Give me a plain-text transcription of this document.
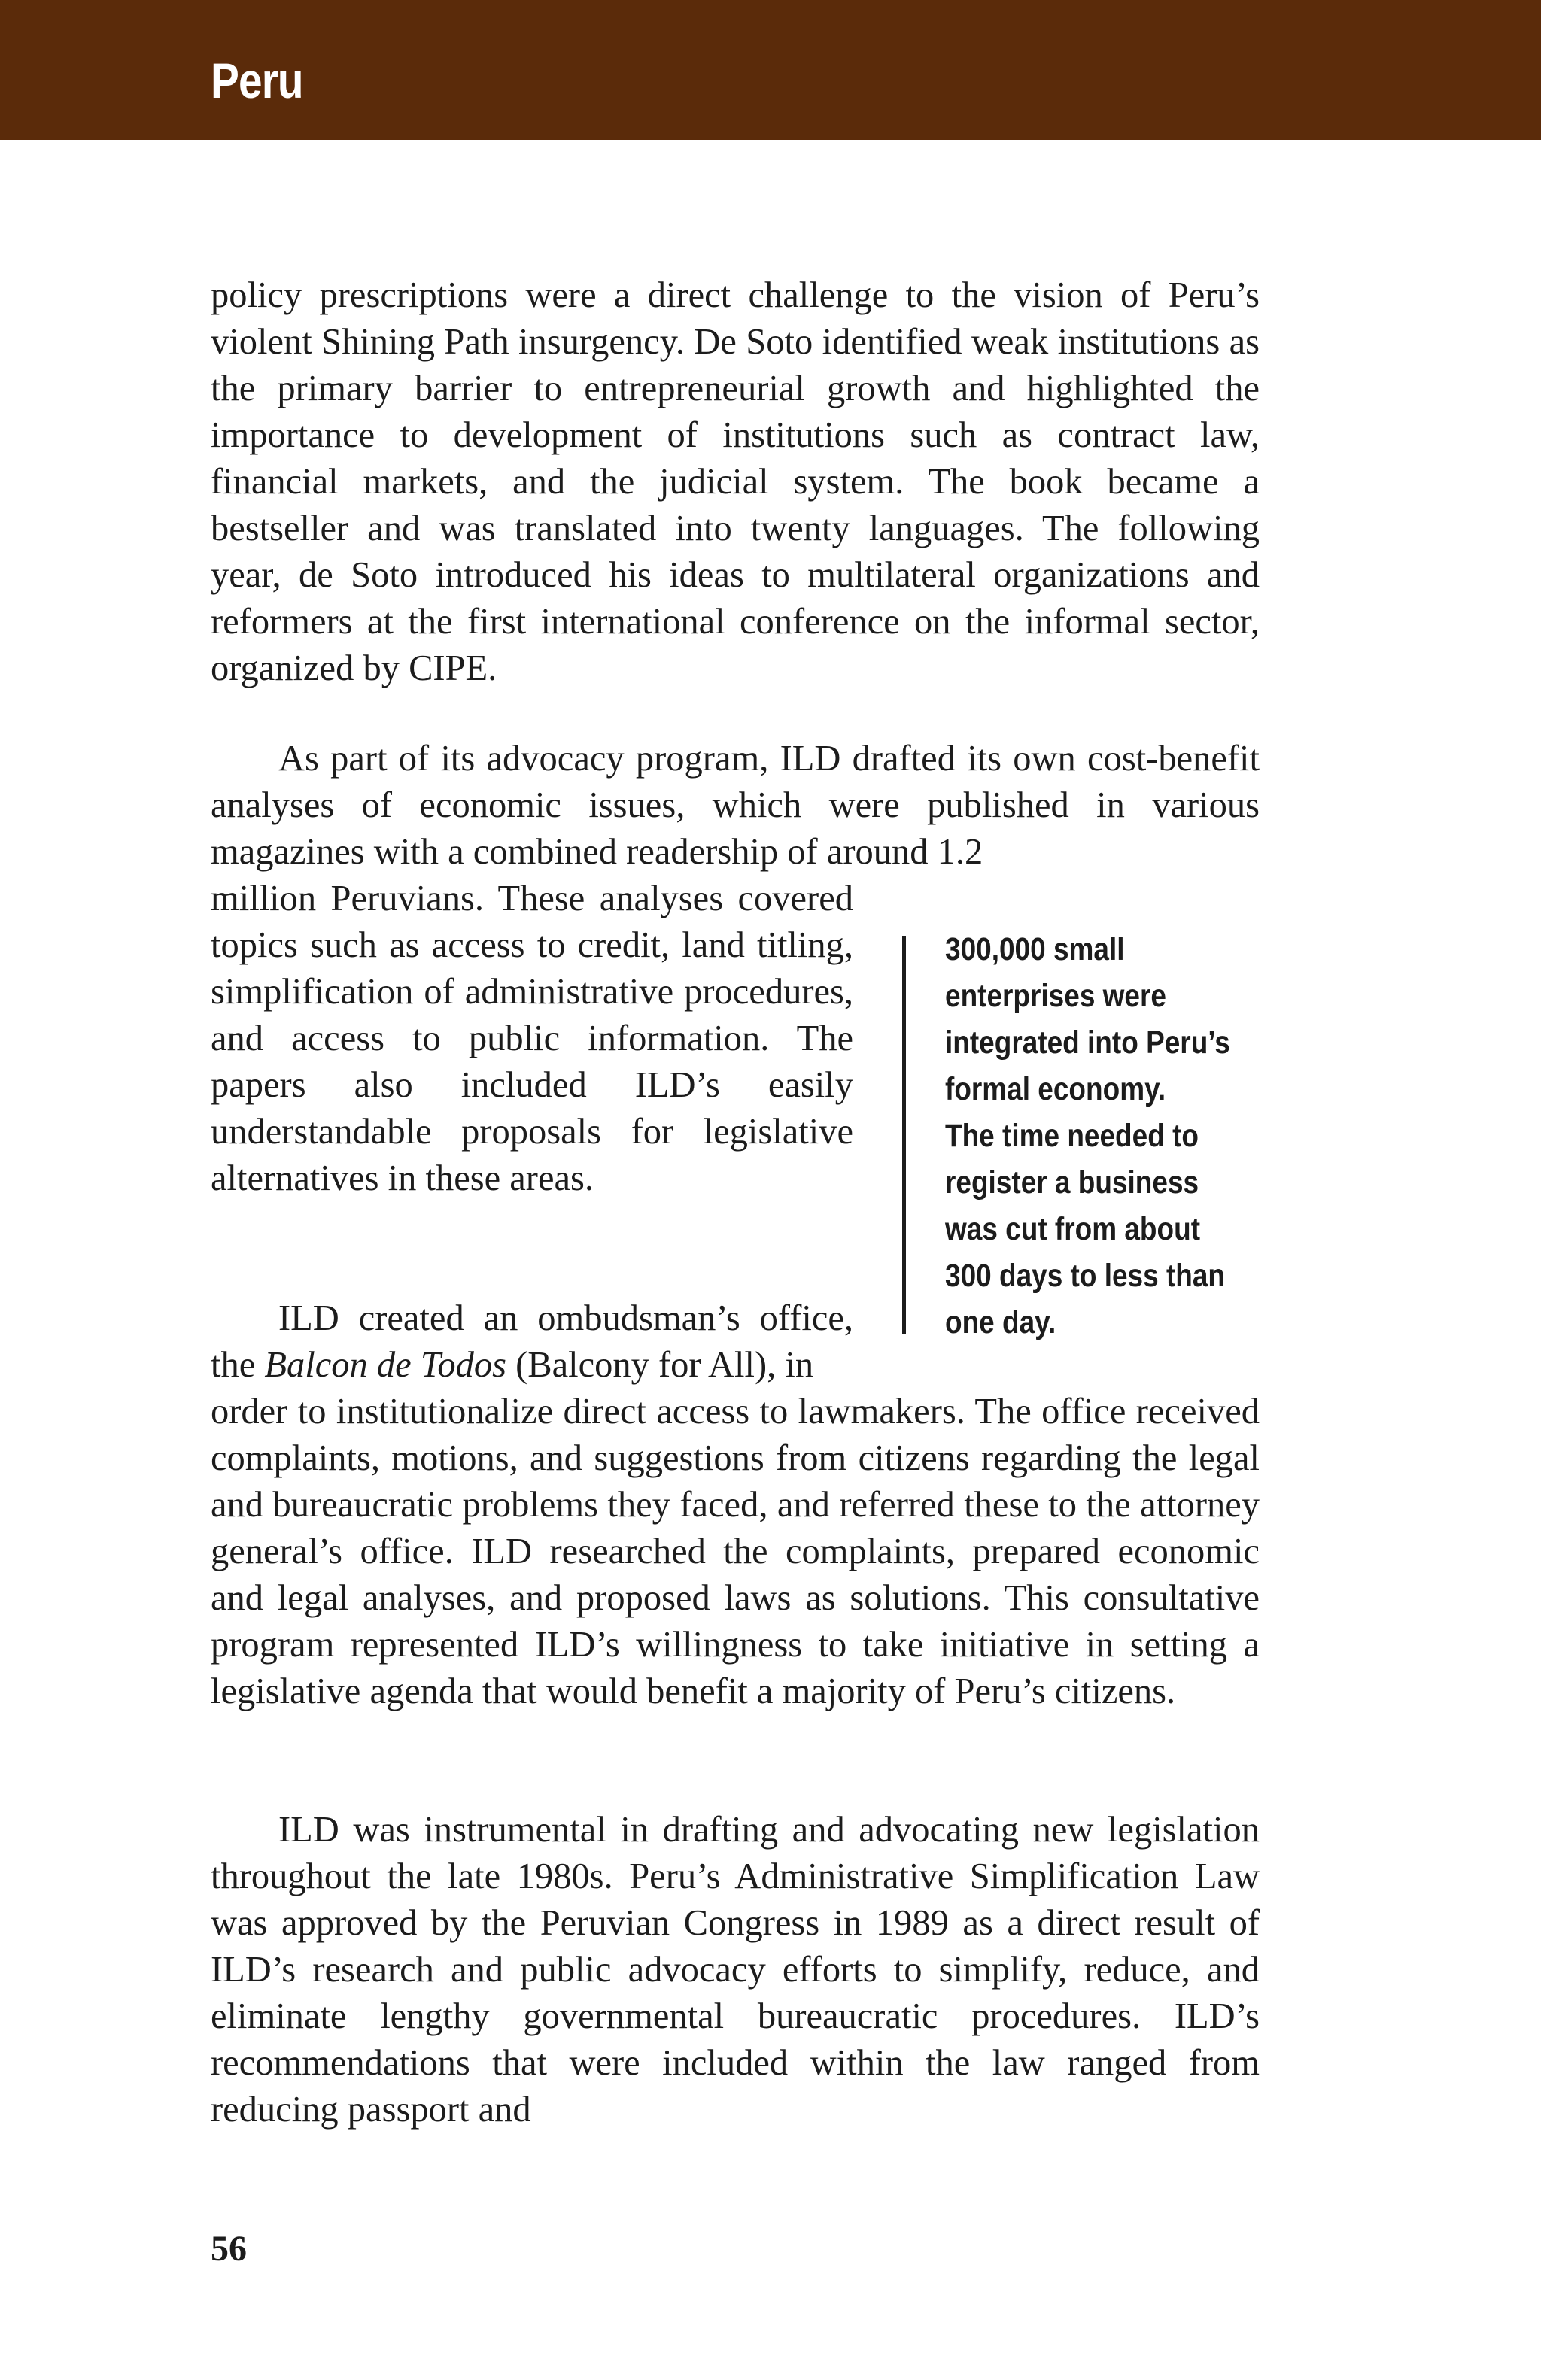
Peru

policy prescriptions were a direct challenge to the vision of Peru’s violent Shining Path insurgency. De Soto identified weak institutions as the primary barrier to entrepreneurial growth and highlighted the importance to development of institutions such as contract law, financial markets, and the judicial system. The book became a bestseller and was translated into twenty languages. The following year, de Soto introduced his ideas to multilateral organizations and reformers at the first international conference on the informal sector, organized by CIPE.

As part of its advocacy program, ILD drafted its own cost-benefit analyses of economic issues, which were published in various magazines with a combined readership of around 1.2

million Peruvians. These analyses covered topics such as access to credit, land titling, simplification of administrative procedures, and access to public information. The papers also included ILD’s easily understandable proposals for legislative alternatives in these areas.

ILD created an ombudsman’s office, the Balcon de Todos (Balcony for All), in

order to institutionalize direct access to lawmakers. The office received complaints, motions, and suggestions from citizens regarding the legal and bureaucratic problems they faced, and referred these to the attorney general’s office. ILD researched the complaints, prepared economic and legal analyses, and proposed laws as solutions. This consultative program represented ILD’s willingness to take initiative in setting a legislative agenda that would benefit a majority of Peru’s citizens.

ILD was instrumental in drafting and advocating new legislation throughout the late 1980s. Peru’s Administrative Simplification Law was approved by the Peruvian Congress in 1989 as a direct result of ILD’s research and public advocacy efforts to simplify, reduce, and eliminate lengthy governmental bureaucratic procedures. ILD’s recommendations that were included within the law ranged from reducing passport and

300,000 small
enterprises were
integrated into Peru’s
formal economy.
The time needed to
register a business
was cut from about
300 days to less than
one day.
56
